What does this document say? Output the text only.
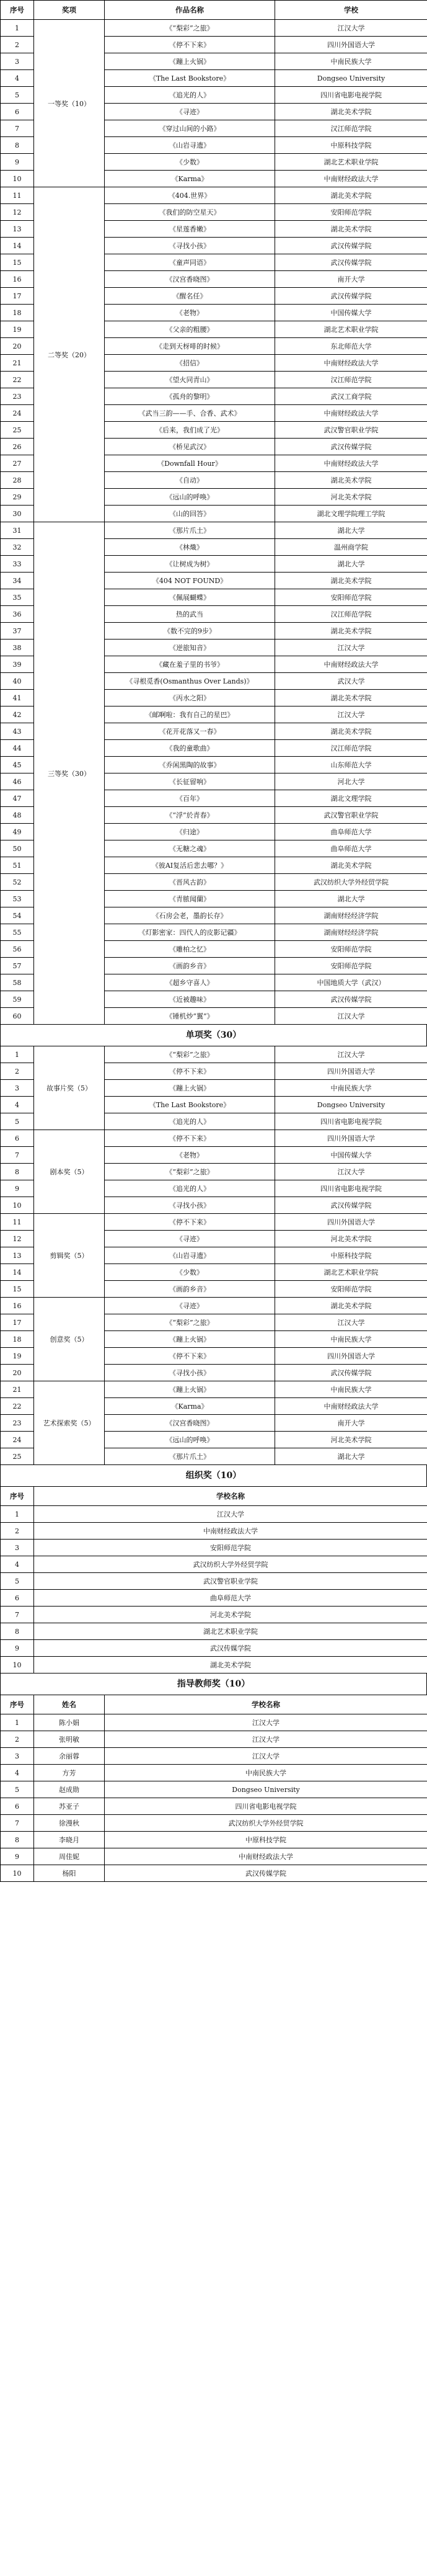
序号	奖项	作品名称	学校
1	一等奖（10）	《“梨彩”之旅》	江汉大学
2		《停不下来》	四川外国语大学
3		《蹦上火锅》	中南民族大学
4		《The Last Bookstore》	Dongseo University
5		《追光的人》	四川省电影电视学院
6		《寻迹》	湖北美术学院
7		《穿过山间的小路》	汉江师范学院
8		《山岩寻遗》	中原科技学院
9		《少数》	湖北艺术职业学院
10		《Karma》	中南财经政法大学
11	二等奖（20）	《404.世界》	湖北美术学院
12		《我们的防空星天》	安阳师范学院
13		《星莲香嫩》	湖北美术学院
14		《寻找小孩》	武汉传媒学院
15		《童声同语》	武汉传媒学院
16		《汉宫香晓图》	南开大学
17		《醒名任》	武汉传媒学院
18		《老物》	中国传媒大学
19		《父亲的粗腰》	湖北艺术职业学院
20		《走到天枒啡的时候》	东北师范大学
21		《招信》	中南财经政法大学
22		《望火同青山》	汉江师范学院
23		《孤舟的黎明》	武汉工商学院
24		《武当三韵——手、合香、武术》	中南财经政法大学
25		《后来，我们成了光》	武汉警官职业学院
26		《桥见武汉》	武汉传媒学院
27		《Downfall Hour》	中南财经政法大学
28		《自动》	湖北美术学院
29		《远山的呼唤》	河北美术学院
30		《山的回答》	湖北文理学院理工学院
31	三等奖（30）	《那片爪土》	湖北大学
32		《林熾》	温州商学院
33		《让树成为树》	湖北大学
34		《404 NOT FOUND》	湖北美术学院
35		《佩展蝴蝶》	安阳师范学院
36		热的武当	汉江师范学院
37		《数不完的9步》	湖北美术学院
38		《逆旅知音》	江汉大学
39		《藏在羞子里的书爷》	中南财经政法大学
40		《寻根觅香(Osmanthus Over Lands)》	武汉大学
41		《丙水之阳》	湖北美术学院
42		《邮啊啦：我有自己的星巴》	江汉大学
43		《花开花落又一春》	湖北美术学院
44		《我的童歌曲》	汉江师范学院
45		《乔闲黑陶的故事》	山东师范大学
46		《长征留响》	河北大学
47		《百年》	湖北文理学院
48		《“浮”於青春》	武汉警官职业学院
49		《归途》	曲阜师范大学
50		《无糖之魂》	曲阜师范大学
51		《彼AI复活后悲去哪？》	湖北美术学院
52		《晋风古韵》	武汉纺织大学外经贸学院
53		《青脓闻蘭》	湖北大学
54		《石房会老，墨韵长存》	湖南财经经济学院
55		《灯影密家：四代人的皮影记疆》	湖南财经经济学院
56		《雕柏之忆》	安阳师范学院
57		《画韵乡音》	安阳师范学院
58		《超乡守喜人》	中国地质大学（武汉）
59		《近被趣味》	武汉传媒学院
60		《锤机炒“翼”》	江汉大学
单项奖（30）
1	故事片奖（5）	《“梨彩”之旅》	江汉大学
2		《停不下来》	四川外国语大学
3		《蹦上火锅》	中南民族大学
4		《The Last Bookstore》	Dongseo University
5		《追光的人》	四川省电影电视学院
6	剧本奖（5）	《停不下来》	四川外国语大学
7		《老物》	中国传媒大学
8		《“梨彩”之旅》	江汉大学
9		《追光的人》	四川省电影电视学院
10		《寻找小孩》	武汉传媒学院
11	剪辑奖（5）	《停不下来》	四川外国语大学
12		《寻迹》	河北美术学院
13		《山岩寻遗》	中原科技学院
14		《少数》	湖北艺术职业学院
15		《画韵乡音》	安阳师范学院
16	创意奖（5）	《寻迹》	湖北美术学院
17		《“梨彩”之旅》	江汉大学
18		《蹦上火锅》	中南民族大学
19		《停不下来》	四川外国语大学
20		《寻找小孩》	武汉传媒学院
21	艺术探索奖（5）	《蹦上火锅》	中南民族大学
22		《Karma》	中南财经政法大学
23		《汉宫香晓图》	南开大学
24		《远山的呼唤》	河北美术学院
25		《那片爪土》	湖北大学
组织奖（10）
序号	学校名称
1	江汉大学
2	中南财经政法大学
3	安阳师范学院
4	武汉纺织大学外经贸学院
5	武汉警官职业学院
6	曲阜师范大学
7	河北美术学院
8	湖北艺术职业学院
9	武汉传媒学院
10	湖北美术学院
指导教师奖（10）
序号	姓名	学校名称
1	陈小娟	江汉大学
2	张明敏	江汉大学
3	余丽蓉	江汉大学
4	方芳	中南民族大学
5	赵成勋	Dongseo University
6	苏亚子	四川省电影电视学院
7	徐漫秋	武汉纺织大学外经贸学院
8	李晓月	中原科技学院
9	周佳妮	中南财经政法大学
10	杨阳	武汉传媒学院
